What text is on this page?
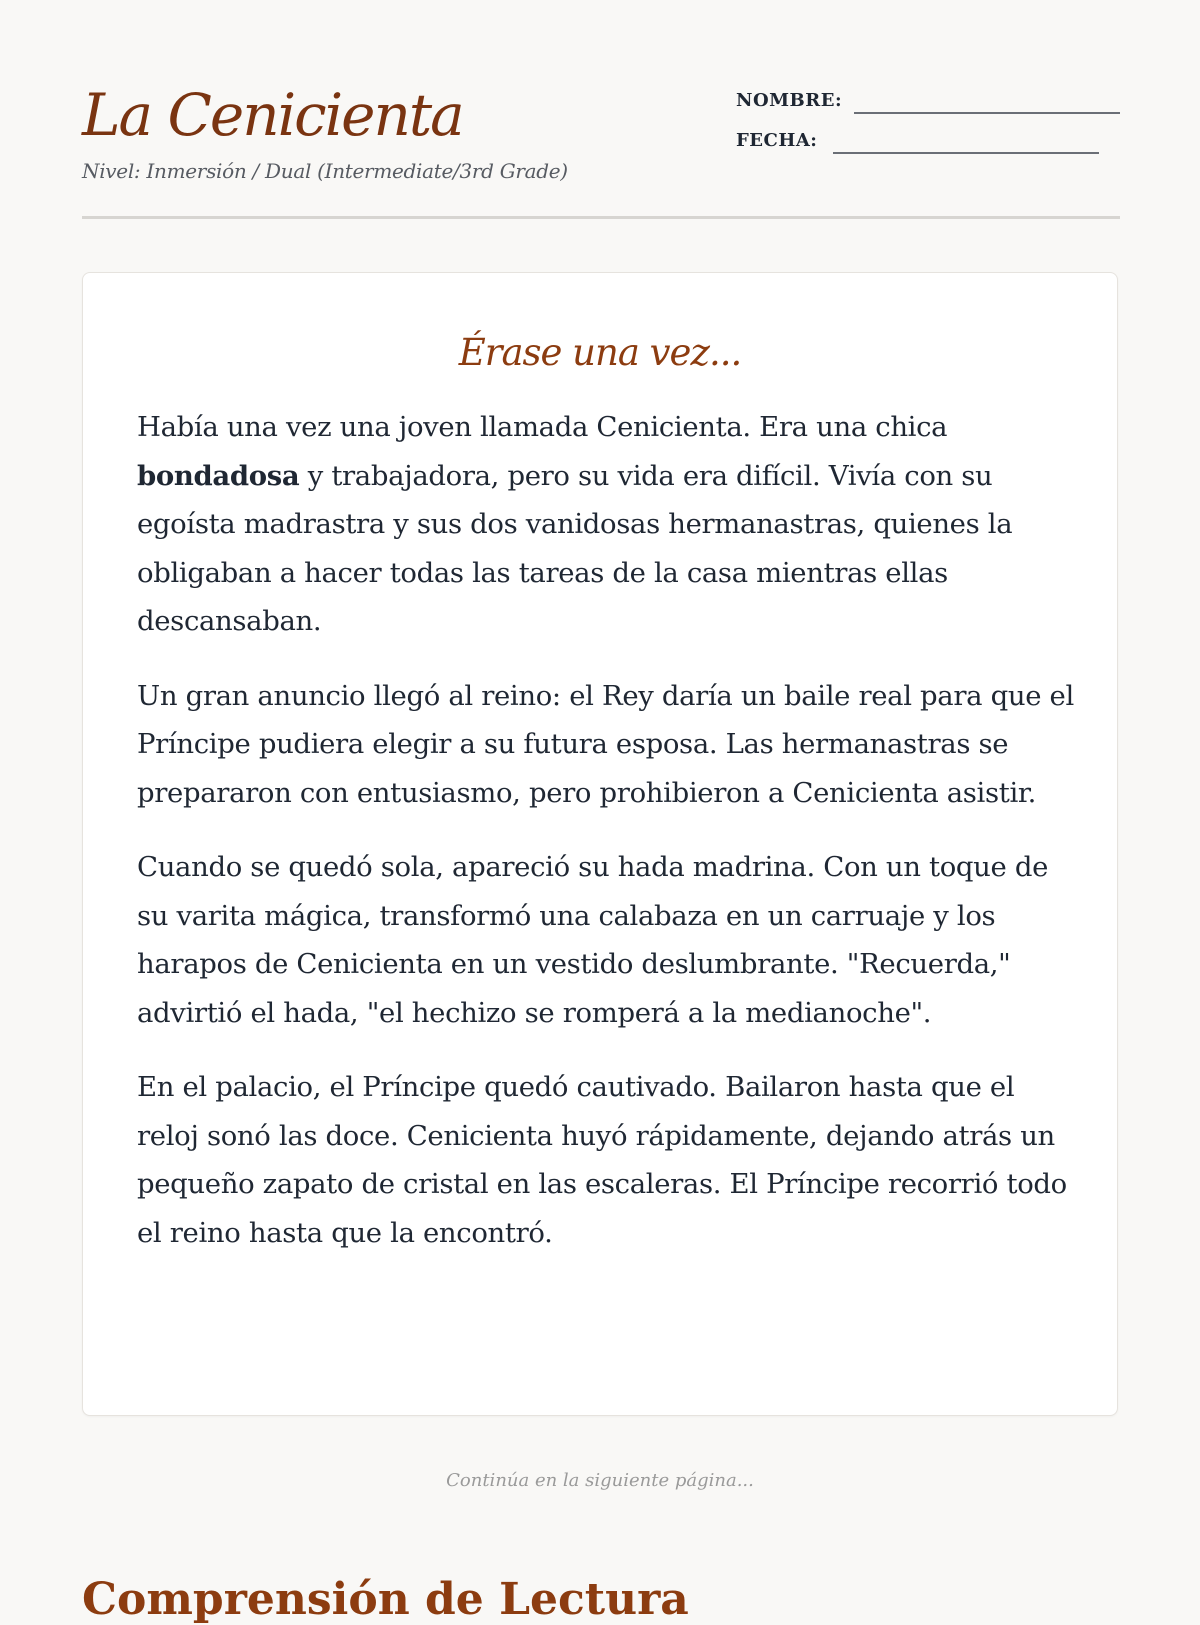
La Cenicienta

Nivel: Inmersión / Dual (Intermediate/3rd Grade)

NOMBRE:
FECHA:
Érase una vez...

Había una vez una joven llamada Cenicienta. Era una chica bondadosa y trabajadora, pero su vida era difícil. Vivía con su egoísta madrastra y sus dos vanidosas hermanastras, quienes la obligaban a hacer todas las tareas de la casa mientras ellas descansaban.

Un gran anuncio llegó al reino: el Rey daría un baile real para que el Príncipe pudiera elegir a su futura esposa. Las hermanastras se prepararon con entusiasmo, pero prohibieron a Cenicienta asistir.

Cuando se quedó sola, apareció su hada madrina. Con un toque de su varita mágica, transformó una calabaza en un carruaje y los harapos de Cenicienta en un vestido deslumbrante. "Recuerda," advirtió el hada, "el hechizo se romperá a la medianoche".

En el palacio, el Príncipe quedó cautivado. Bailaron hasta que el reloj sonó las doce. Cenicienta huyó rápidamente, dejando atrás un pequeño zapato de cristal en las escaleras. El Príncipe recorrió todo el reino hasta que la encontró.

Continúa en la siguiente página...

Comprensión de Lectura
